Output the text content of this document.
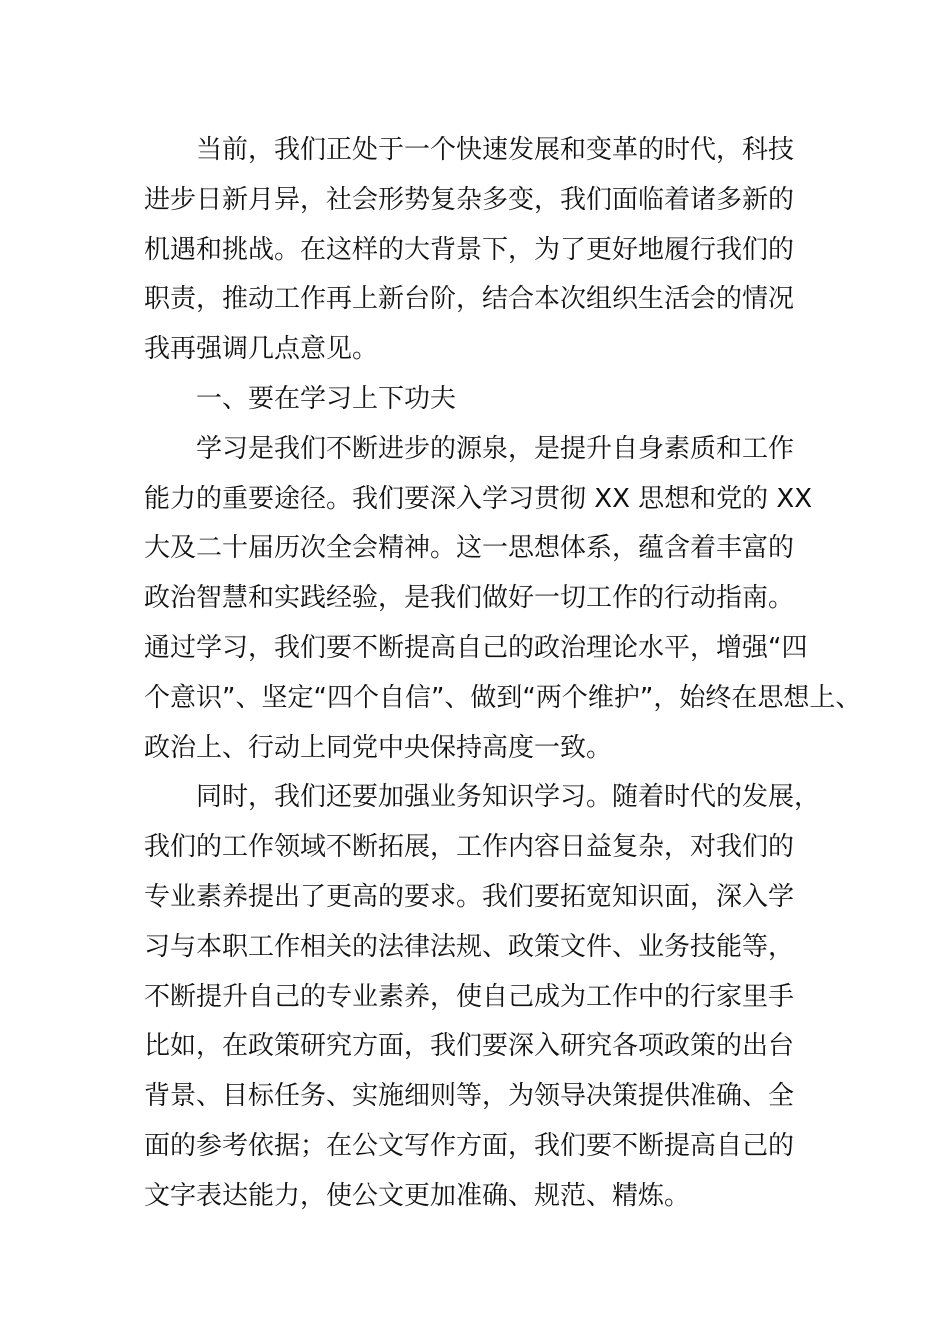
当前，我们正处于一个快速发展和变革的时代，科技
进步日新月异，社会形势复杂多变，我们面临着诸多新的
机遇和挑战。在这样的大背景下，为了更好地履行我们的
职责，推动工作再上新台阶，结合本次组织生活会的情况
我再强调几点意见。

一、要在学习上下功夫

学习是我们不断进步的源泉，是提升自身素质和工作
能力的重要途径。我们要深入学习贯彻 XX 思想和党的 XX
大及二十届历次全会精神。这一思想体系，蕴含着丰富的
政治智慧和实践经验，是我们做好一切工作的行动指南。
通过学习，我们要不断提高自己的政治理论水平，增强“四
个意识”、坚定“四个自信”、做到“两个维护”，始终在思想上、
政治上、行动上同党中央保持高度一致。

同时，我们还要加强业务知识学习。随着时代的发展，
我们的工作领域不断拓展，工作内容日益复杂，对我们的
专业素养提出了更高的要求。我们要拓宽知识面，深入学
习与本职工作相关的法律法规、政策文件、业务技能等，
不断提升自己的专业素养，使自己成为工作中的行家里手
比如，在政策研究方面，我们要深入研究各项政策的出台
背景、目标任务、实施细则等，为领导决策提供准确、全
面的参考依据；在公文写作方面，我们要不断提高自己的
文字表达能力，使公文更加准确、规范、精炼。
